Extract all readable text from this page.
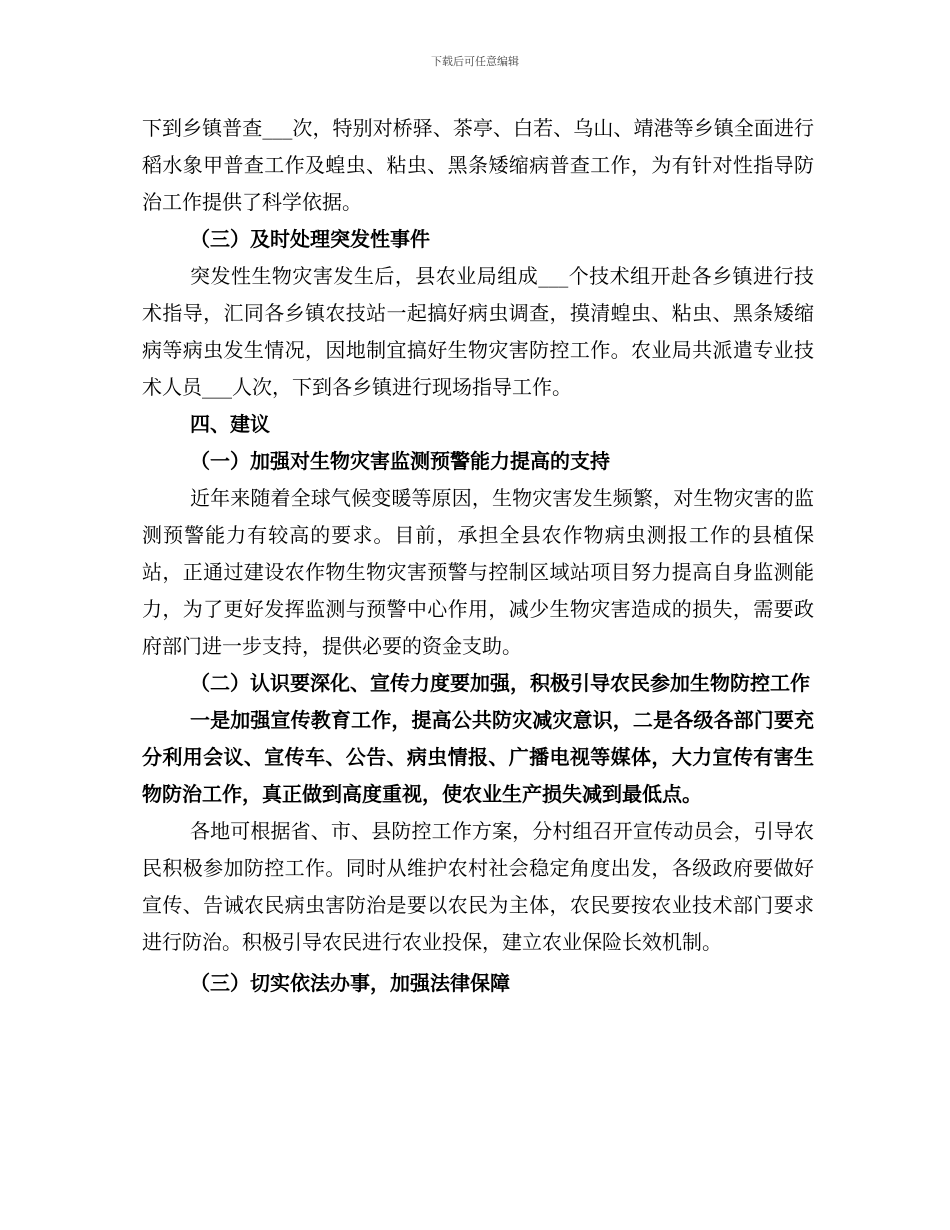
下载后可任意编辑

下到乡镇普查___次，特别对桥驿、茶亭、白若、乌山、靖港等乡镇全面进行稻水象甲普查工作及蝗虫、粘虫、黑条矮缩病普查工作，为有针对性指导防治工作提供了科学依据。

（三）及时处理突发性事件

突发性生物灾害发生后，县农业局组成___个技术组开赴各乡镇进行技术指导，汇同各乡镇农技站一起搞好病虫调查，摸清蝗虫、粘虫、黑条矮缩病等病虫发生情况，因地制宜搞好生物灾害防控工作。农业局共派遣专业技术人员___人次，下到各乡镇进行现场指导工作。

四、建议

（一）加强对生物灾害监测预警能力提高的支持

近年来随着全球气候变暖等原因，生物灾害发生频繁，对生物灾害的监测预警能力有较高的要求。目前，承担全县农作物病虫测报工作的县植保站，正通过建设农作物生物灾害预警与控制区域站项目努力提高自身监测能力，为了更好发挥监测与预警中心作用，减少生物灾害造成的损失，需要政府部门进一步支持，提供必要的资金支助。

（二）认识要深化、宣传力度要加强，积极引导农民参加生物防控工作

一是加强宣传教育工作，提高公共防灾减灾意识，二是各级各部门要充分利用会议、宣传车、公告、病虫情报、广播电视等媒体，大力宣传有害生物防治工作，真正做到高度重视，使农业生产损失减到最低点。

各地可根据省、市、县防控工作方案，分村组召开宣传动员会，引导农民积极参加防控工作。同时从维护农村社会稳定角度出发，各级政府要做好宣传、告诫农民病虫害防治是要以农民为主体，农民要按农业技术部门要求进行防治。积极引导农民进行农业投保，建立农业保险长效机制。

（三）切实依法办事，加强法律保障
